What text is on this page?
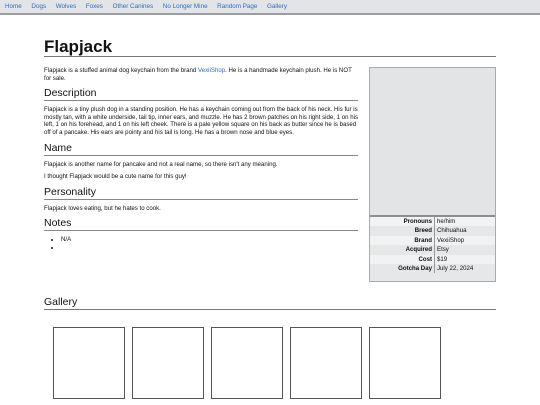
Home Dogs Wolves Foxes Other Canines No Longer Mine Random Page Gallery
Flapjack

Flapjack is a stuffed animal dog keychain from the brand VexiiShop. He is a handmade keychain plush. He is NOT for sale.

Description

Flapjack is a tiny plush dog in a standing position. He has a keychain coming out from the back of his neck. His fur is mostly tan, with a white underside, tail tip, inner ears, and muzzle. He has 2 brown patches on his right side, 1 on his left, 1 on his forehead, and 1 on his left cheek. There is a pale yellow square on his back as butter since he is based off of a pancake. His ears are pointy and his tail is long. He has a brown nose and blue eyes.

Name

Flapjack is another name for pancake and not a real name, so there isn't any meaning.

I thought Flapjack would be a cute name for this guy!

Personality

Flapjack loves eating, but he hates to cook.

Notes
• N/A
•
Pronouns	he/him
Breed	Chihuahua
Brand	VexiiShop
Acquired	Etsy
Cost	$19
Gotcha Day	July 22, 2024
Gallery
